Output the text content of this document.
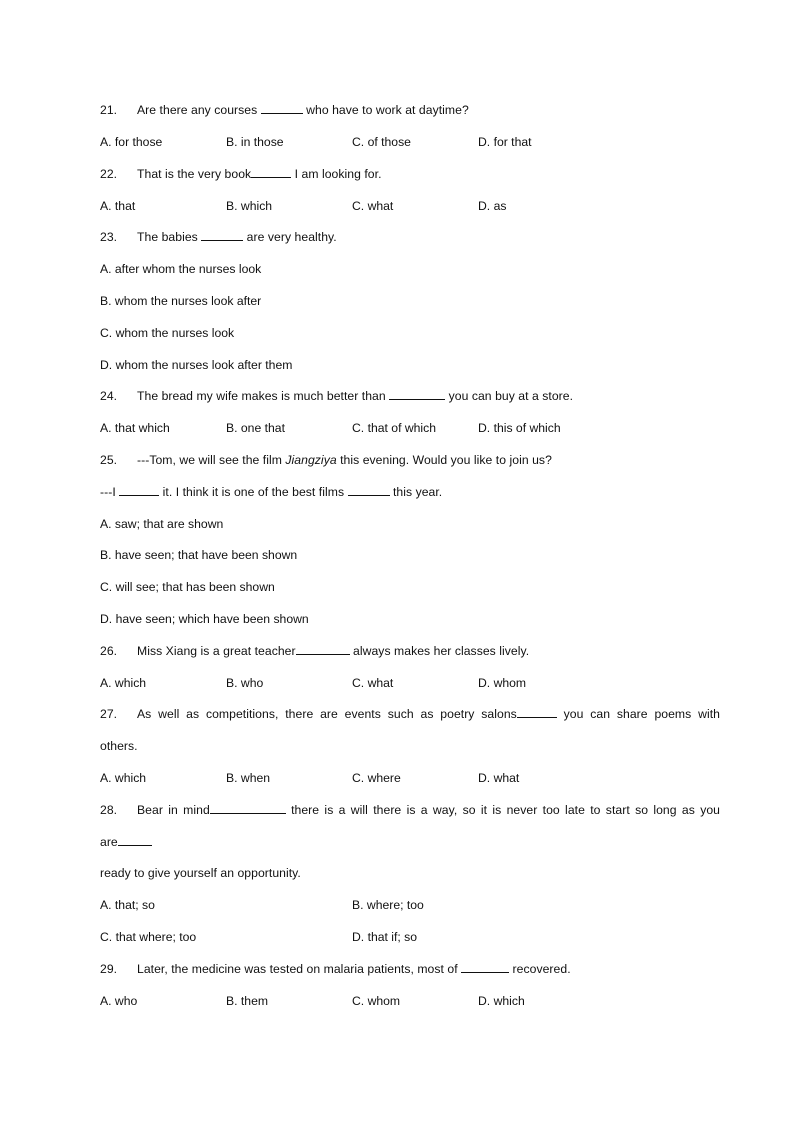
21. Are there any courses	who have to work at daytime?
A. for those	B. in those	C. of those	D. for that
22. That is the very book	I am looking for.
A. that	B. which	C. what	D. as
23. The babies	are very healthy.
A. after whom the nurses look
B. whom the nurses look after
C. whom the nurses look
D. whom the nurses look after them
24. The bread my wife makes is much better than	you can buy at a store.
A. that which	B. one that	C. that of which	D. this of which
25. ---Tom, we will see the film Jiangziya this evening. Would you like to join us?
---I	it. I think it is one of the best films	this year.
A. saw; that are shown
B. have seen; that have been shown
C. will see; that has been shown
D. have seen; which have been shown
26. Miss Xiang is a great teacher	always makes her classes lively.
A. which	B. who	C. what	D. whom
27. As well as competitions, there are events such as poetry salons	you can share poems with
others.
A. which	B. when	C. where	D. what
28. Bear in mind	there is a will there is a way, so it is never too late to start so long as you
are
ready to give yourself an opportunity.
A. that; so	B. where; too
C. that where; too	D. that if; so
29. Later, the medicine was tested on malaria patients, most of	recovered.
A. who	B. them	C. whom	D. which
